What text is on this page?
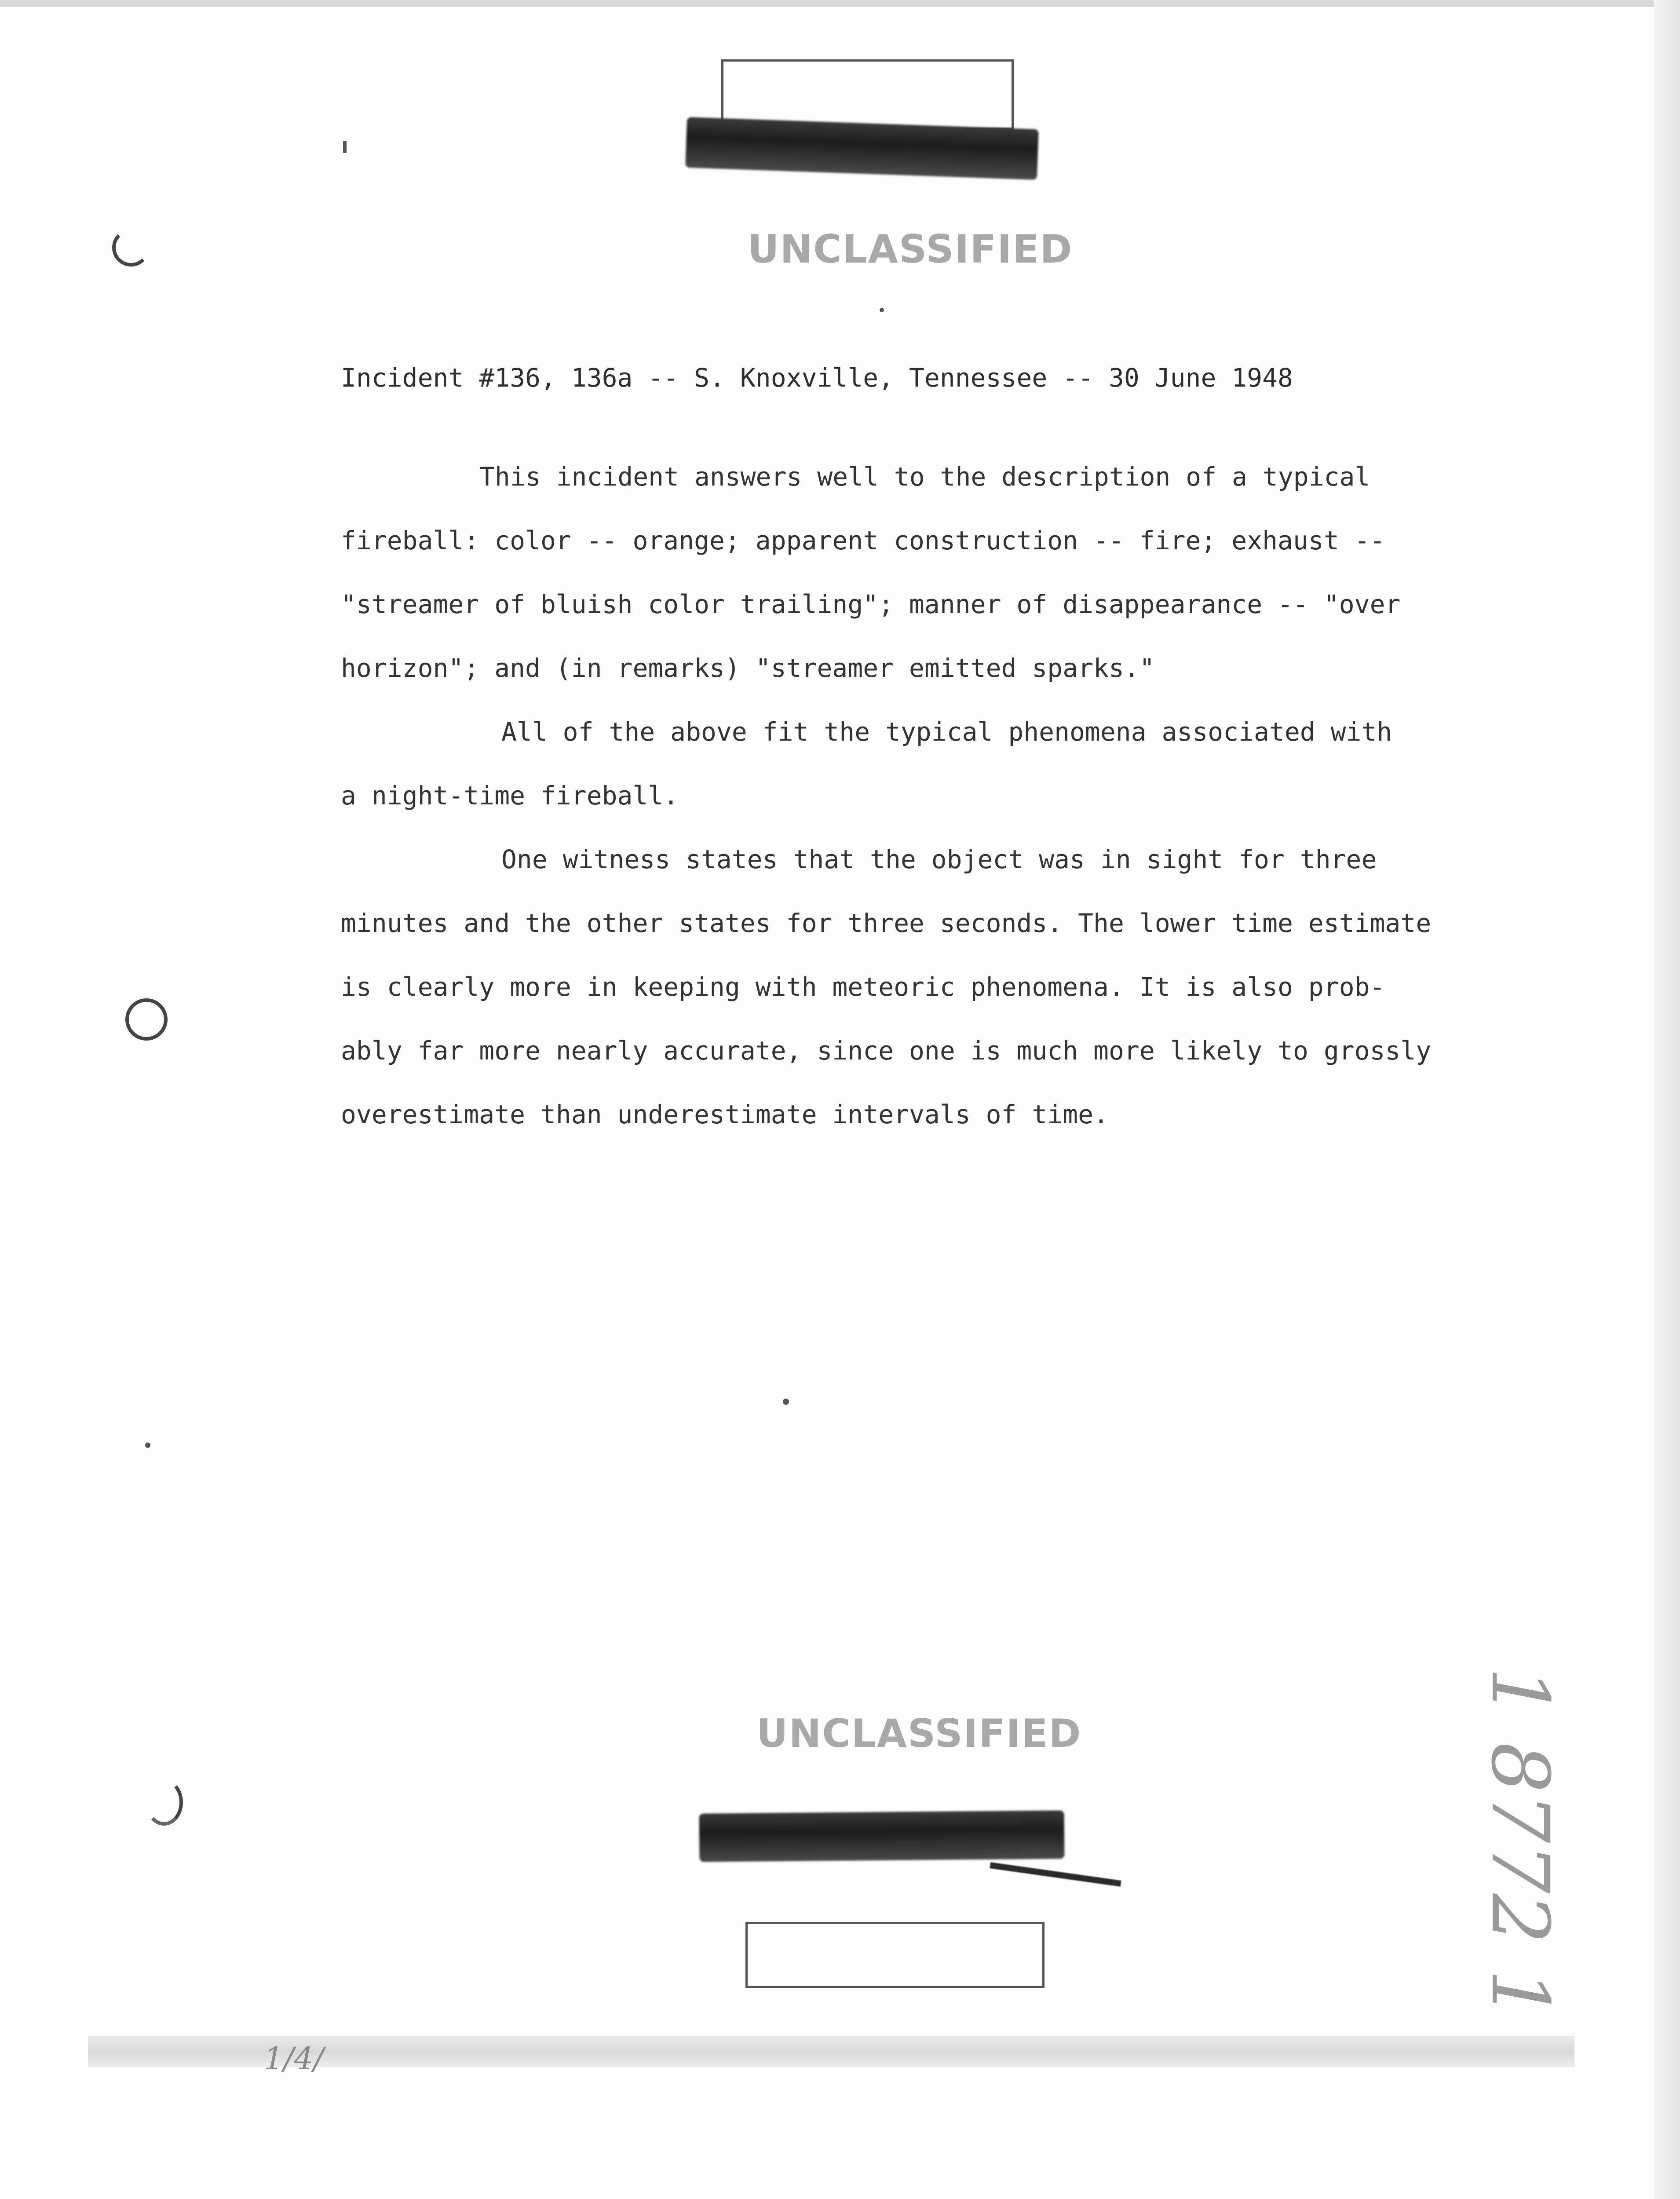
UNCLASSIFIED
Incident #136, 136a -- S. Knoxville, Tennessee -- 30 June 1948
This incident answers well to the description of a typical
fireball: color -- orange; apparent construction -- fire; exhaust --
"streamer of bluish color trailing"; manner of disappearance -- "over
horizon"; and (in remarks) "streamer emitted sparks."
All of the above fit the typical phenomena associated with
a night-time fireball.
One witness states that the object was in sight for three
minutes and the other states for three seconds. The lower time estimate
is clearly more in keeping with meteoric phenomena. It is also prob-
ably far more nearly accurate, since one is much more likely to grossly
overestimate than underestimate intervals of time.
UNCLASSIFIED	1 8772 1
1/4/
